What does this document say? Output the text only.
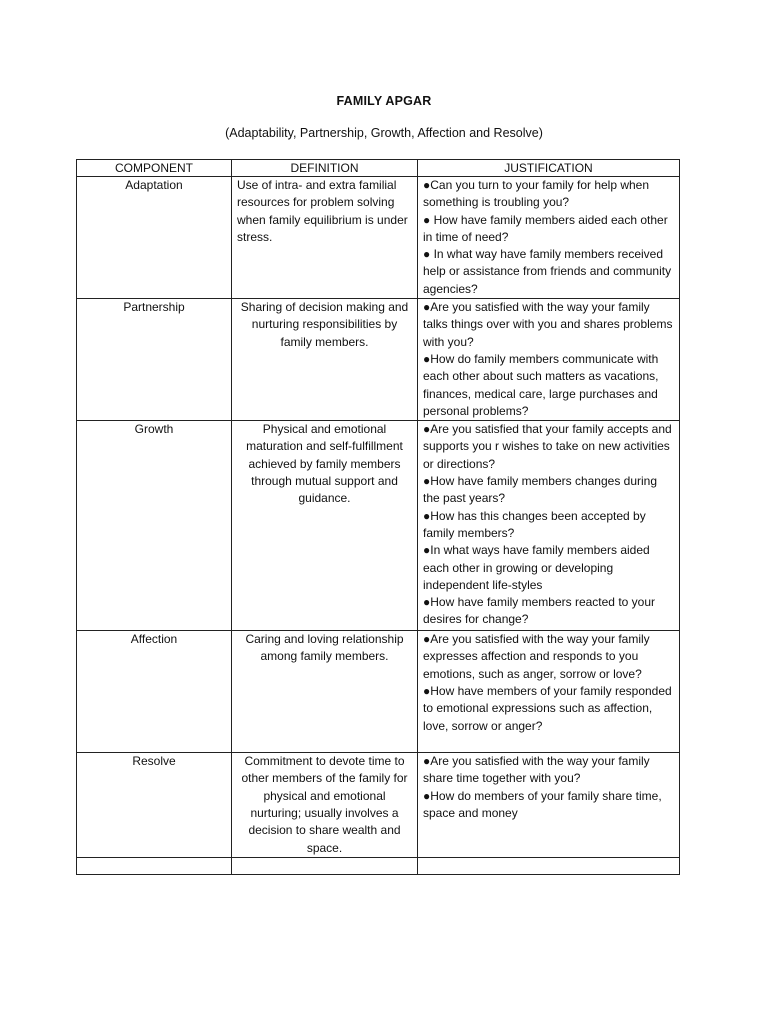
FAMILY APGAR
(Adaptability, Partnership, Growth, Affection and Resolve)
COMPONENT	DEFINITION	JUSTIFICATION
Adaptation	Use of intra- and extra familial resources for problem solving when family equilibrium is under stress.	●Can you turn to your family for help when something is troubling you?
● How have family members aided each other in time of need?
● In what way have family members received help or assistance from friends and community agencies?

Partnership	Sharing of decision making and nurturing responsibilities by family members.	●Are you satisfied with the way your family talks things over with you and shares problems with you?
●How do family members communicate with each other about such matters as vacations, finances, medical care, large purchases and personal problems?

Growth	Physical and emotional maturation and self-fulfillment achieved by family members through mutual support and guidance.	●Are you satisfied that your family accepts and supports you r wishes to take on new activities or directions?
●How have family members changes during the past years?
●How has this changes been accepted by family members?
●In what ways have family members aided each other in growing or developing independent life-styles
●How have family members reacted to your desires for change?

Affection	Caring and loving relationship among family members.	●Are you satisfied with the way your family expresses affection and responds to you emotions, such as anger, sorrow or love?
●How have members of your family responded to emotional expressions such as affection, love, sorrow or anger?

Resolve	Commitment to devote time to other members of the family for physical and emotional nurturing; usually involves a decision to share wealth and space.	●Are you satisfied with the way your family share time together with you?
●How do members of your family share time, space and money
